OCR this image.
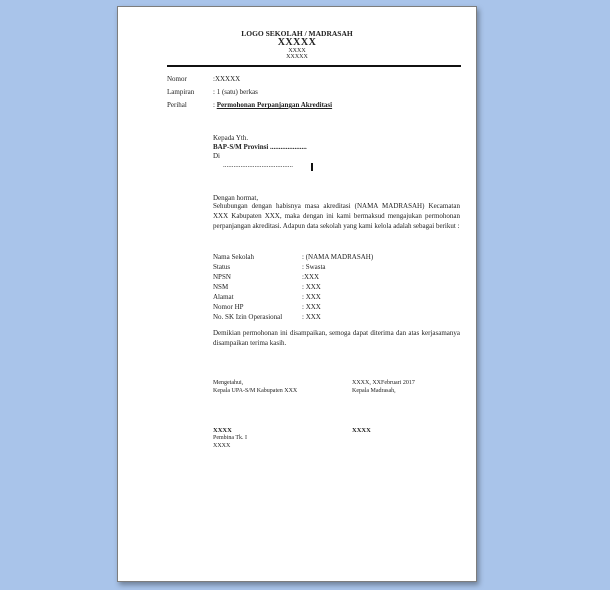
LOGO SEKOLAH / MADRASAH
XXXXX
XXXX
XXXXX
Nomor	:XXXXX
Lampiran	: 1 (satu) berkas
Perihal	: Permohonan Perpanjangan Akreditasi
Kepada Yth.
BAP-S/M Provinsi .....................
Di
........................................
Dengan hormat,
Sehubungan dengan habisnya masa akreditasi (NAMA MADRASAH) Kecamatan XXX Kabupaten XXX, maka dengan ini kami bermaksud mengajukan permohonan perpanjangan akreditasi. Adapun data sekolah yang kami kelola adalah sebagai berikut :
Nama Sekolah	: (NAMA MADRASAH)
Status	: Swasta
NPSN	:XXX
NSM	: XXX
Alamat	: XXX
Nomor HP	: XXX
No. SK Izin Operasional	: XXX
Demikian permohonan ini disampaikan, semoga dapat diterima dan atas kerjasamanya disampaikan terima kasih.
Mengetahui,
Kepala UPA-S/M Kabupaten XXX
XXXX, XXFebruari 2017
Kepala Madrasah,
XXXX
Pembina Tk. I
XXXX
XXXX
